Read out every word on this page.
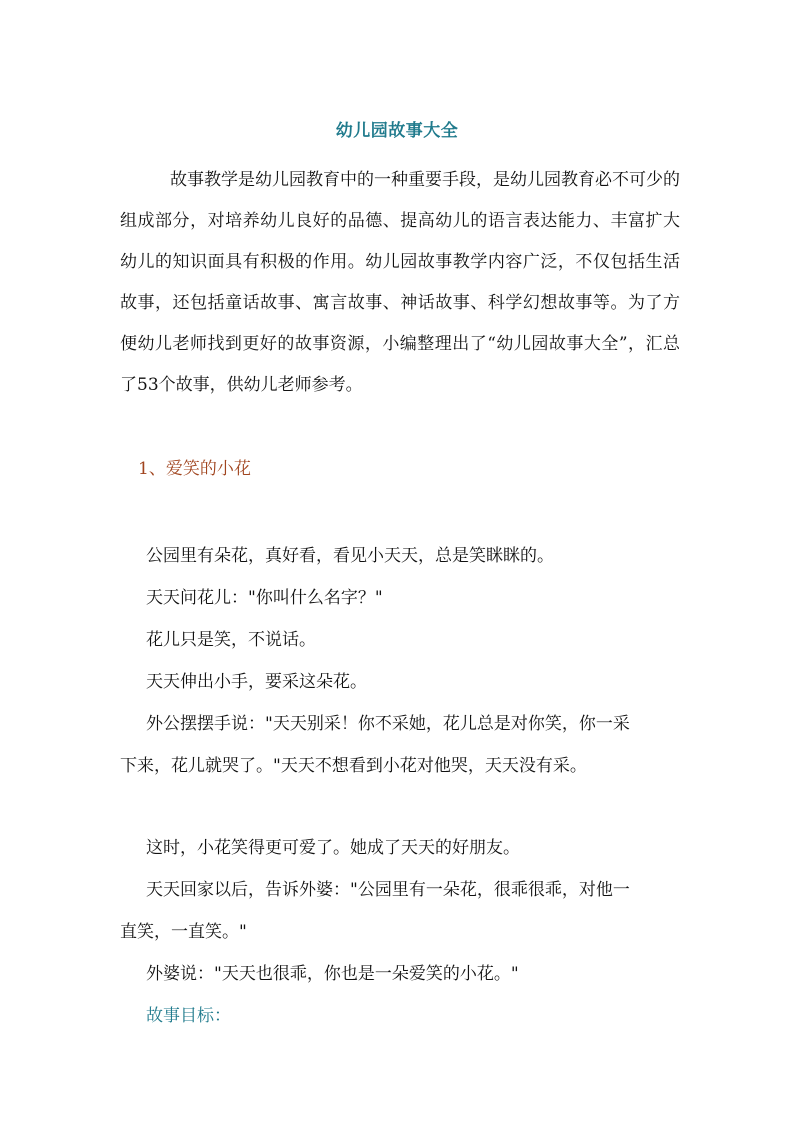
幼儿园故事大全

故事教学是幼儿园教育中的一种重要手段，是幼儿园教育必不可少的组成部分，对培养幼儿良好的品德、提高幼儿的语言表达能力、丰富扩大幼儿的知识面具有积极的作用。幼儿园故事教学内容广泛，不仅包括生活故事，还包括童话故事、寓言故事、神话故事、科学幻想故事等。为了方便幼儿老师找到更好的故事资源，小编整理出了“幼儿园故事大全”，汇总了53个故事，供幼儿老师参考。

1、爱笑的小花

公园里有朵花，真好看，看见小天天，总是笑眯眯的。

天天问花儿："你叫什么名字？"

花儿只是笑，不说话。

天天伸出小手，要采这朵花。

外公摆摆手说："天天别采！你不采她，花儿总是对你笑，你一采

下来，花儿就哭了。"天天不想看到小花对他哭，天天没有采。

这时，小花笑得更可爱了。她成了天天的好朋友。

天天回家以后，告诉外婆："公园里有一朵花，很乖很乖，对他一

直笑，一直笑。"

外婆说："天天也很乖，你也是一朵爱笑的小花。"

故事目标：
